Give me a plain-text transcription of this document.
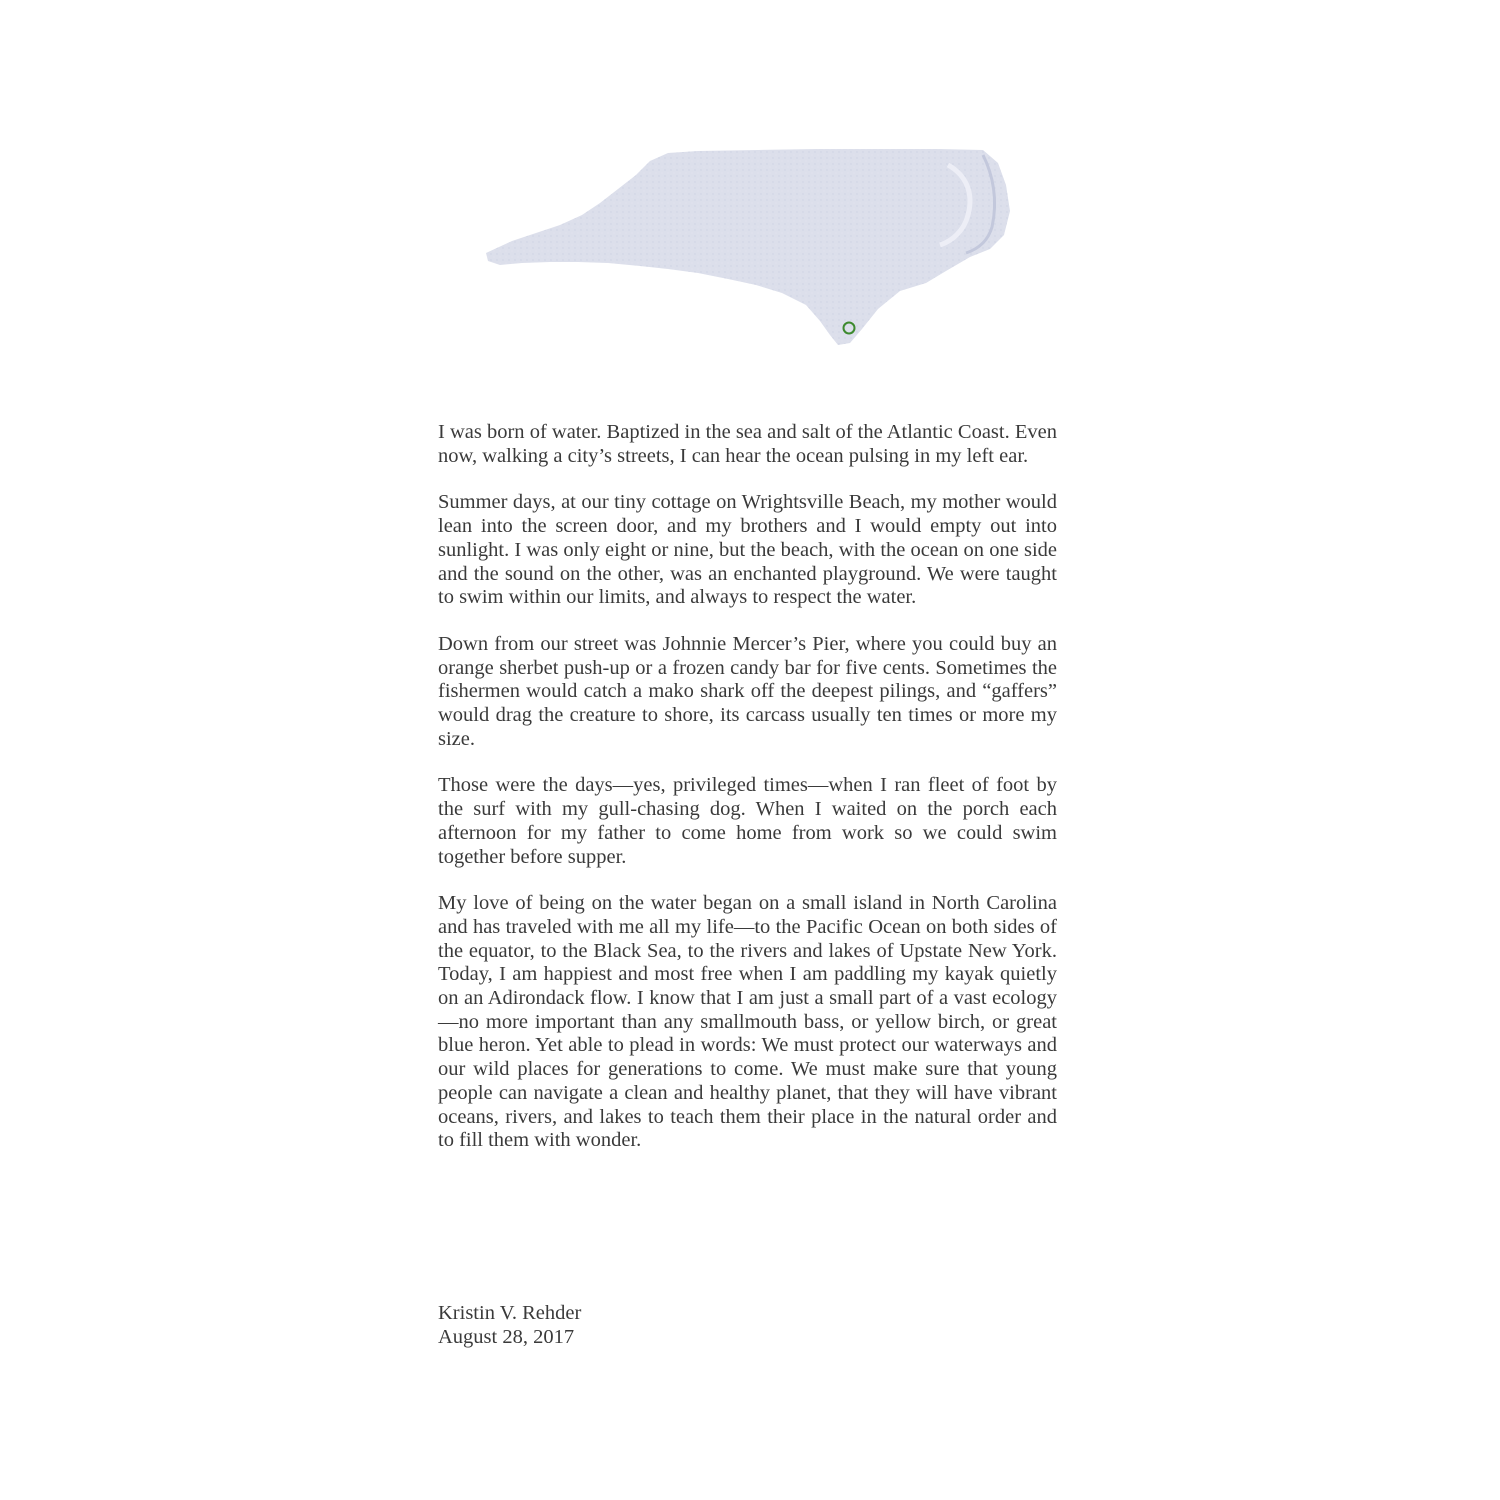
I was born of water. Baptized in the sea and salt of the Atlantic Coast. Even now, walking a city’s streets, I can hear the ocean pulsing in my left ear.

Summer days, at our tiny cottage on Wrightsville Beach, my mother would lean into the screen door, and my brothers and I would empty out into sunlight. I was only eight or nine, but the beach, with the ocean on one side and the sound on the other, was an enchanted playground. We were taught to swim within our limits, and always to respect the water.

Down from our street was Johnnie Mercer’s Pier, where you could buy an orange sherbet push-up or a frozen candy bar for five cents. Sometimes the fishermen would catch a mako shark off the deepest pilings, and “gaffers” would drag the creature to shore, its carcass usually ten times or more my size.

Those were the days—yes, privileged times—when I ran fleet of foot by the surf with my gull-chasing dog. When I waited on the porch each afternoon for my father to come home from work so we could swim together before supper.

My love of being on the water began on a small island in North Carolina and has traveled with me all my life—to the Pacific Ocean on both sides of the equator, to the Black Sea, to the rivers and lakes of Upstate New York. Today, I am happiest and most free when I am paddling my kayak quietly on an Adirondack flow. I know that I am just a small part of a vast ecology—no more important than any smallmouth bass, or yellow birch, or great blue heron. Yet able to plead in words: We must protect our waterways and our wild places for generations to come. We must make sure that young people can navigate a clean and healthy planet, that they will have vibrant oceans, rivers, and lakes to teach them their place in the natural order and to fill them with wonder.

Kristin V. Rehder
August 28, 2017
